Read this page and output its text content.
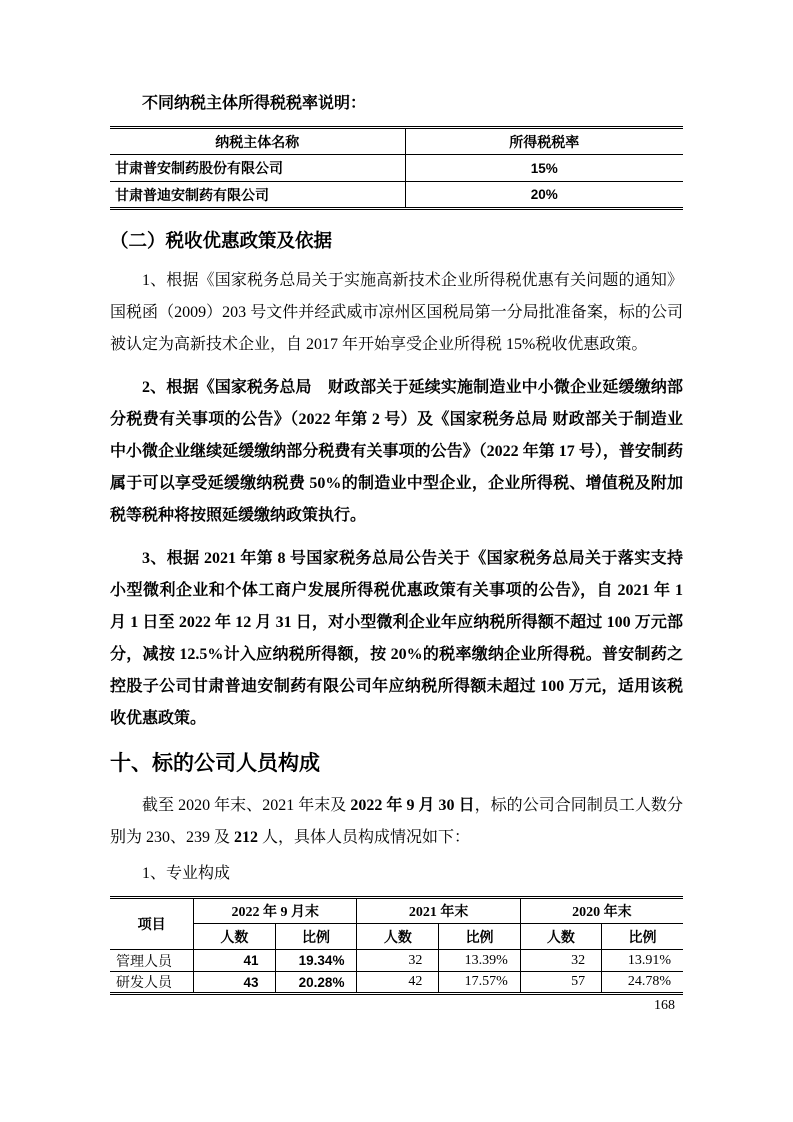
不同纳税主体所得税税率说明：
纳税主体名称	所得税税率
甘肃普安制药股份有限公司	15%
甘肃普迪安制药有限公司	20%
（二）税收优惠政策及依据
1、根据《国家税务总局关于实施高新技术企业所得税优惠有关问题的通知》国税函（2009）203 号文件并经武威市凉州区国税局第一分局批准备案，标的公司被认定为高新技术企业，自 2017 年开始享受企业所得税 15%税收优惠政策。
2、根据《国家税务总局　财政部关于延续实施制造业中小微企业延缓缴纳部分税费有关事项的公告》（2022 年第 2 号）及《国家税务总局 财政部关于制造业中小微企业继续延缓缴纳部分税费有关事项的公告》（2022 年第 17 号），普安制药属于可以享受延缓缴纳税费 50%的制造业中型企业，企业所得税、增值税及附加税等税种将按照延缓缴纳政策执行。
3、根据 2021 年第 8 号国家税务总局公告关于《国家税务总局关于落实支持小型微利企业和个体工商户发展所得税优惠政策有关事项的公告》，自 2021 年 1 月 1 日至 2022 年 12 月 31 日，对小型微利企业年应纳税所得额不超过 100 万元部分，减按 12.5%计入应纳税所得额，按 20%的税率缴纳企业所得税。普安制药之控股子公司甘肃普迪安制药有限公司年应纳税所得额未超过 100 万元，适用该税收优惠政策。
十、标的公司人员构成
截至 2020 年末、2021 年末及 2022 年 9 月 30 日，标的公司合同制员工人数分别为 230、239 及 212 人，具体人员构成情况如下：
1、专业构成
项目	2022 年 9 月末		2021 年末		2020 年末	
	人数	比例	人数	比例	人数	比例
管理人员	41	19.34%	32	13.39%	32	13.91%
研发人员	43	20.28%	42	17.57%	57	24.78%
168
